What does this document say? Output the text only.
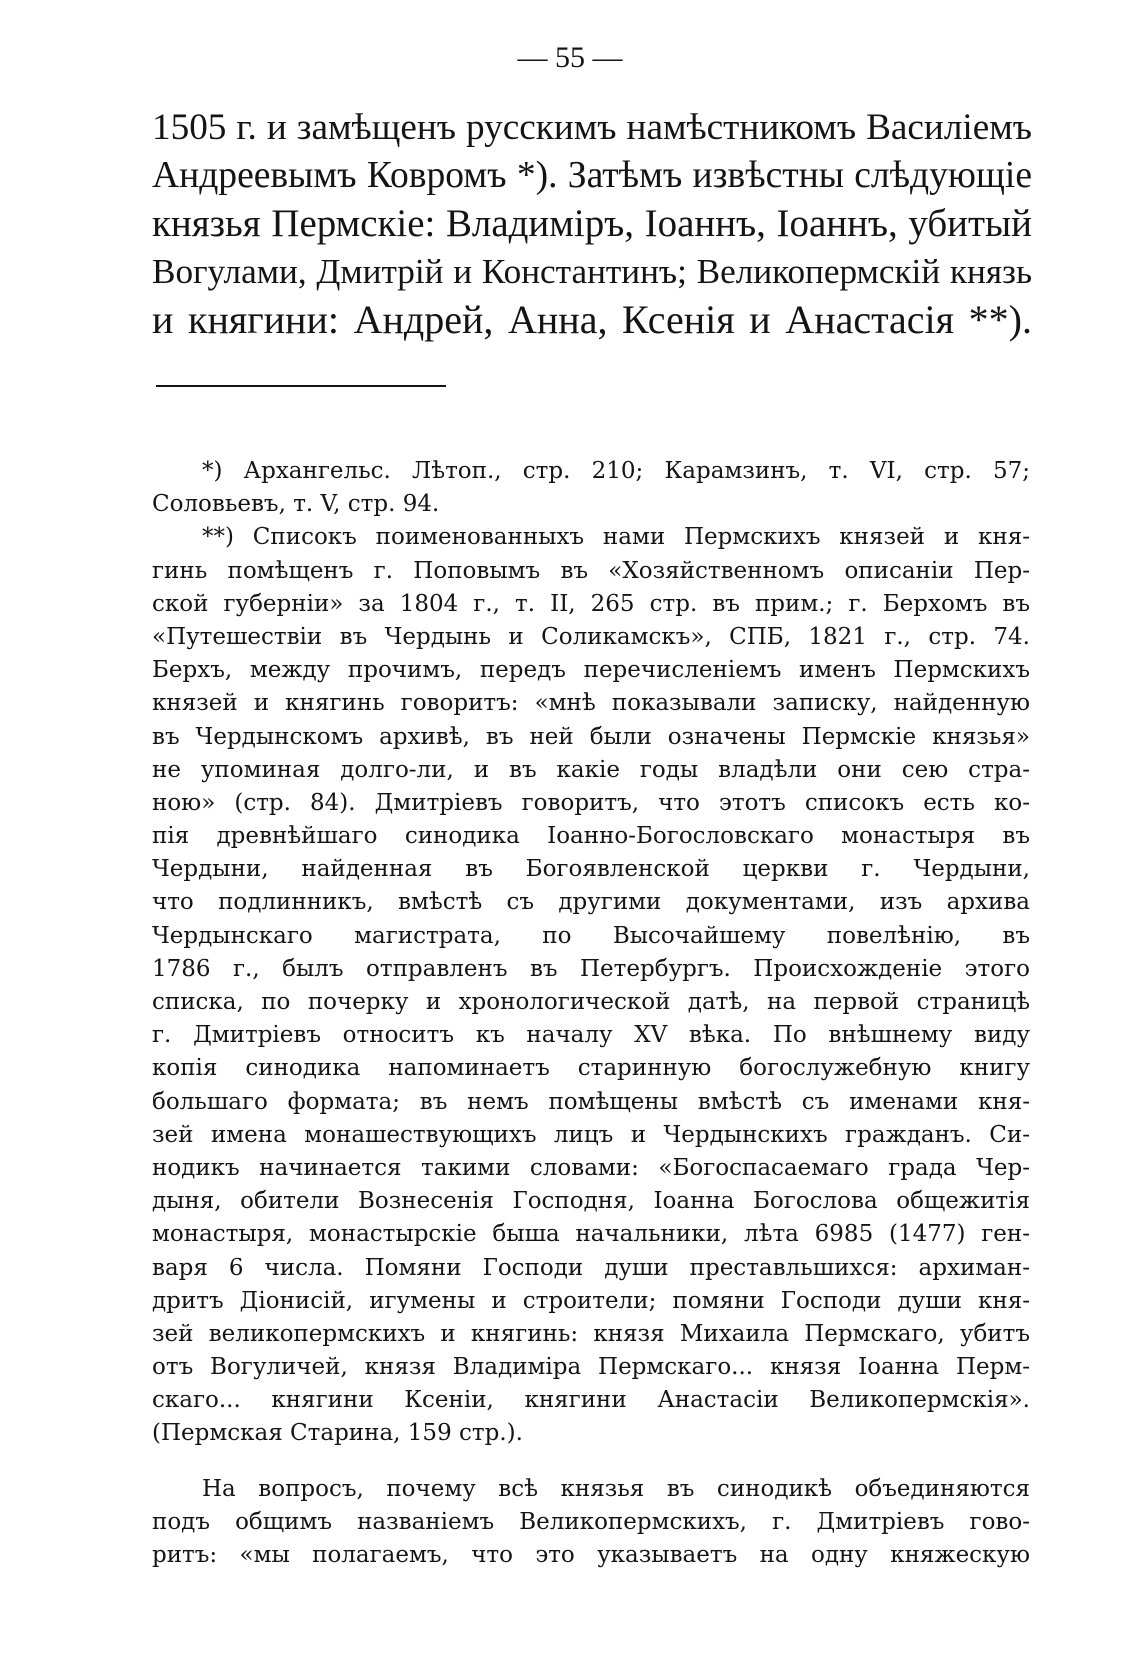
— 55 —
1505 г. и замѣщенъ русскимъ намѣстникомъ Василіемъ
Андреевымъ Ковромъ *). Затѣмъ извѣстны слѣдующіе
князья Пермскіе: Владиміръ, Іоаннъ, Іоаннъ, убитый
Вогулами, Дмитрій и Константинъ; Великопермскій князь
и княгини: Андрей, Анна, Ксенія и Анастасія **).
*) Архангельс. Лѣтоп., стр. 210; Карамзинъ, т. VI, стр. 57;
Соловьевъ, т. V, стр. 94.
**) Списокъ поименованныхъ нами Пермскихъ князей и кня-
гинь помѣщенъ г. Поповымъ въ «Хозяйственномъ описаніи Пер-
ской губерніи» за 1804 г., т. II, 265 стр. въ прим.; г. Берхомъ въ
«Путешествіи въ Чердынь и Соликамскъ», СПБ, 1821 г., стр. 74.
Берхъ, между прочимъ, передъ перечисленіемъ именъ Пермскихъ
князей и княгинь говоритъ: «мнѣ показывали записку, найденную
въ Чердынскомъ архивѣ, въ ней были означены Пермскіе князья»
не упоминая долго-ли, и въ какіе годы владѣли они сею стра-
ною» (стр. 84). Дмитріевъ говоритъ, что этотъ списокъ есть ко-
пія древнѣйшаго синодика Іоанно-Богословскаго монастыря въ
Чердыни, найденная въ Богоявленской церкви г. Чердыни,
что подлинникъ, вмѣстѣ съ другими документами, изъ архива
Чердынскаго магистрата, по Высочайшему повелѣнію, въ
1786 г., былъ отправленъ въ Петербургъ. Происхожденіе этого
списка, по почерку и хронологической датѣ, на первой страницѣ
г. Дмитріевъ относитъ къ началу XV вѣка. По внѣшнему виду
копія синодика напоминаетъ старинную богослужебную книгу
большаго формата; въ немъ помѣщены вмѣстѣ съ именами кня-
зей имена монашествующихъ лицъ и Чердынскихъ гражданъ. Си-
нодикъ начинается такими словами: «Богоспасаемаго града Чер-
дыня, обители Вознесенія Господня, Іоанна Богослова общежитія
монастыря, монастырскіе быша начальники, лѣта 6985 (1477) ген-
варя 6 числа. Помяни Господи души преставльшихся: архиман-
дритъ Діонисій, игумены и строители; помяни Господи души кня-
зей великопермскихъ и княгинь: князя Михаила Пермскаго, убитъ
отъ Вогуличей, князя Владиміра Пермскаго... князя Іоанна Перм-
скаго... княгини Ксеніи, княгини Анастасіи Великопермскія».
(Пермская Старина, 159 стр.).
На вопросъ, почему всѣ князья въ синодикѣ объединяются
подъ общимъ названіемъ Великопермскихъ, г. Дмитріевъ гово-
ритъ: «мы полагаемъ, что это указываетъ на одну княжескую
